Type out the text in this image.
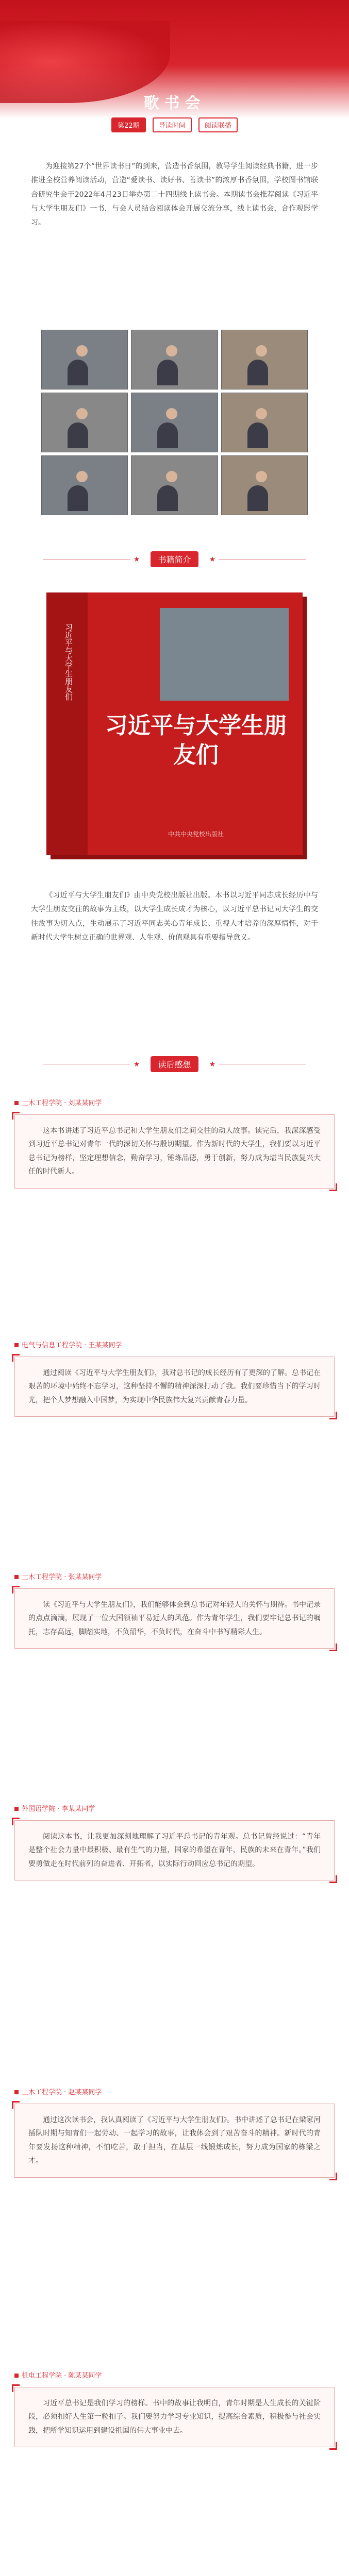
歌书会
第22期	导读时间	阅读联播

为迎接第27个“世界读书日”的到来，营造书香氛围，教导学生阅读经典书籍，进一步推进全校营养阅读活动，营造“爱读书、读好书、善读书”的浓厚书香氛围，学校图书馆联合研究生会于2022年4月23日举办第二十四期线上读书会。本期读书会推荐阅读《习近平与大学生朋友们》一书，与会人员结合阅读体会开展交流分享，线上读书会，合作观影学习。

★ 书籍简介	★
习近平与大学生朋友们
习近平与大学生朋友们
中共中央党校出版社

《习近平与大学生朋友们》由中央党校出版社出版。本书以习近平同志成长经历中与大学生朋友交往的故事为主线，以大学生成长成才为核心，以习近平总书记同大学生的交往故事为切入点，生动展示了习近平同志关心青年成长、重视人才培养的深厚情怀，对于新时代大学生树立正确的世界观、人生观、价值观具有重要指导意义。

★ 读后感想	★
土木工程学院 · 刘某某同学
这本书讲述了习近平总书记和大学生朋友们之间交往的动人故事。读完后，我深深感受到习近平总书记对青年一代的深切关怀与殷切期望。作为新时代的大学生，我们要以习近平总书记为榜样，坚定理想信念，勤奋学习，锤炼品德，勇于创新，努力成为堪当民族复兴大任的时代新人。
电气与信息工程学院 · 王某某同学
通过阅读《习近平与大学生朋友们》，我对总书记的成长经历有了更深的了解。总书记在艰苦的环境中始终不忘学习，这种坚持不懈的精神深深打动了我。我们要珍惜当下的学习时光，把个人梦想融入中国梦，为实现中华民族伟大复兴贡献青春力量。
土木工程学院 · 张某某同学
读《习近平与大学生朋友们》，我们能够体会到总书记对年轻人的关怀与期待。书中记录的点点滴滴，展现了一位大国领袖平易近人的风范。作为青年学生，我们要牢记总书记的嘱托，志存高远，脚踏实地，不负韶华，不负时代，在奋斗中书写精彩人生。
外国语学院 · 李某某同学
阅读这本书，让我更加深刻地理解了习近平总书记的青年观。总书记曾经说过：“青年是整个社会力量中最积极、最有生气的力量，国家的希望在青年，民族的未来在青年。”我们要勇做走在时代前列的奋进者、开拓者，以实际行动回应总书记的期望。
土木工程学院 · 赵某某同学
通过这次读书会，我认真阅读了《习近平与大学生朋友们》。书中讲述了总书记在梁家河插队时期与知青们一起劳动、一起学习的故事，让我体会到了艰苦奋斗的精神。新时代的青年要发扬这种精神，不怕吃苦，敢于担当，在基层一线锻炼成长，努力成为国家的栋梁之才。
机电工程学院 · 陈某某同学
习近平总书记是我们学习的榜样。书中的故事让我明白，青年时期是人生成长的关键阶段，必须扣好人生第一粒扣子。我们要努力学习专业知识，提高综合素质，积极参与社会实践，把所学知识运用到建设祖国的伟大事业中去。
